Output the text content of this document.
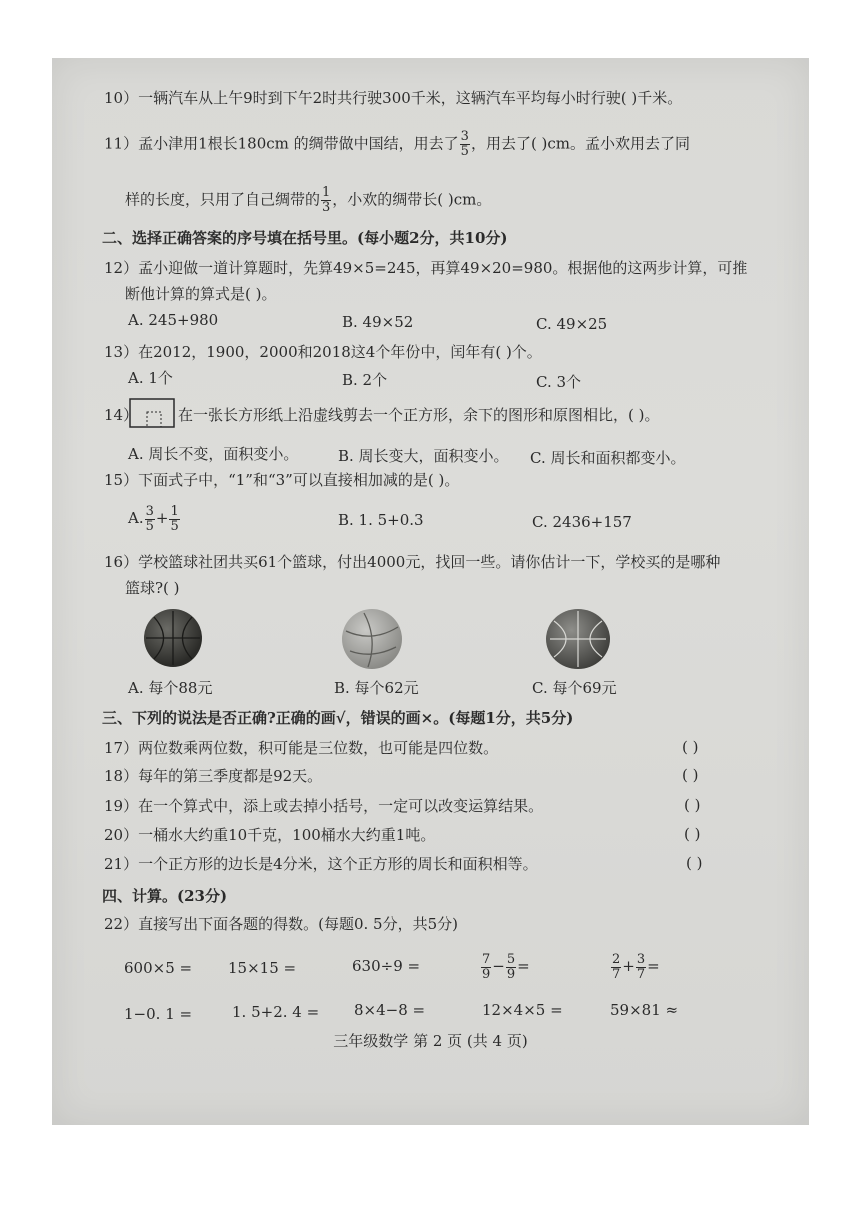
10）一辆汽车从上午9时到下午2时共行驶300千米，这辆汽车平均每小时行驶( )千米。
11）孟小津用1根长180cm 的绸带做中国结，用去了 $\frac{3}{5}$ ，用去了( )cm。孟小欢用去了同
样的长度，只用了自己绸带的 $\frac{1}{3}$ ，小欢的绸带长( )cm。
二、选择正确答案的序号填在括号里。(每小题2分，共10分)
12）孟小迎做一道计算题时，先算49×5=245，再算49×20=980。根据他的这两步计算，可推
断他计算的算式是( )。
A. 245+980	B. 49×52	C. 49×25
13）在2012，1900，2000和2018这4个年份中，闰年有( )个。
A. 1个	B. 2个	C. 3个
14）	在一张长方形纸上沿虚线剪去一个正方形，余下的图形和原图相比，( )。
A. 周长不变，面积变小。	B. 周长变大，面积变小。 C. 周长和面积都变小。
15）下面式子中，“1”和“3”可以直接相加减的是( )。
A. $\frac{3}{5} + \frac{1}{5}$	B. 1. 5+0.3	C. 2436+157
16）学校篮球社团共买61个篮球，付出4000元，找回一些。请你估计一下，学校买的是哪种
篮球?( )
A. 每个88元	B. 每个62元	C. 每个69元
三、下列的说法是否正确?正确的画√，错误的画×。(每题1分，共5分)
17）两位数乘两位数，积可能是三位数，也可能是四位数。	( )
18）每年的第三季度都是92天。	( )
19）在一个算式中，添上或去掉小括号，一定可以改变运算结果。	( )
20）一桶水大约重10千克，100桶水大约重1吨。	( )
21）一个正方形的边长是4分米，这个正方形的周长和面积相等。	( )
四、计算。(23分)
22）直接写出下面各题的得数。(每题0. 5分，共5分)
600×5 = 15×15 =	630÷9 =	$\frac{7}{9} - \frac{5}{9}$ =	$\frac{2}{7} + \frac{3}{7}$ =
1−0. 1 =	1. 5+2. 4 = 8×4−8 =	12×4×5 =	59×81 ≈
三年级数学 第 2 页 (共 4 页)
